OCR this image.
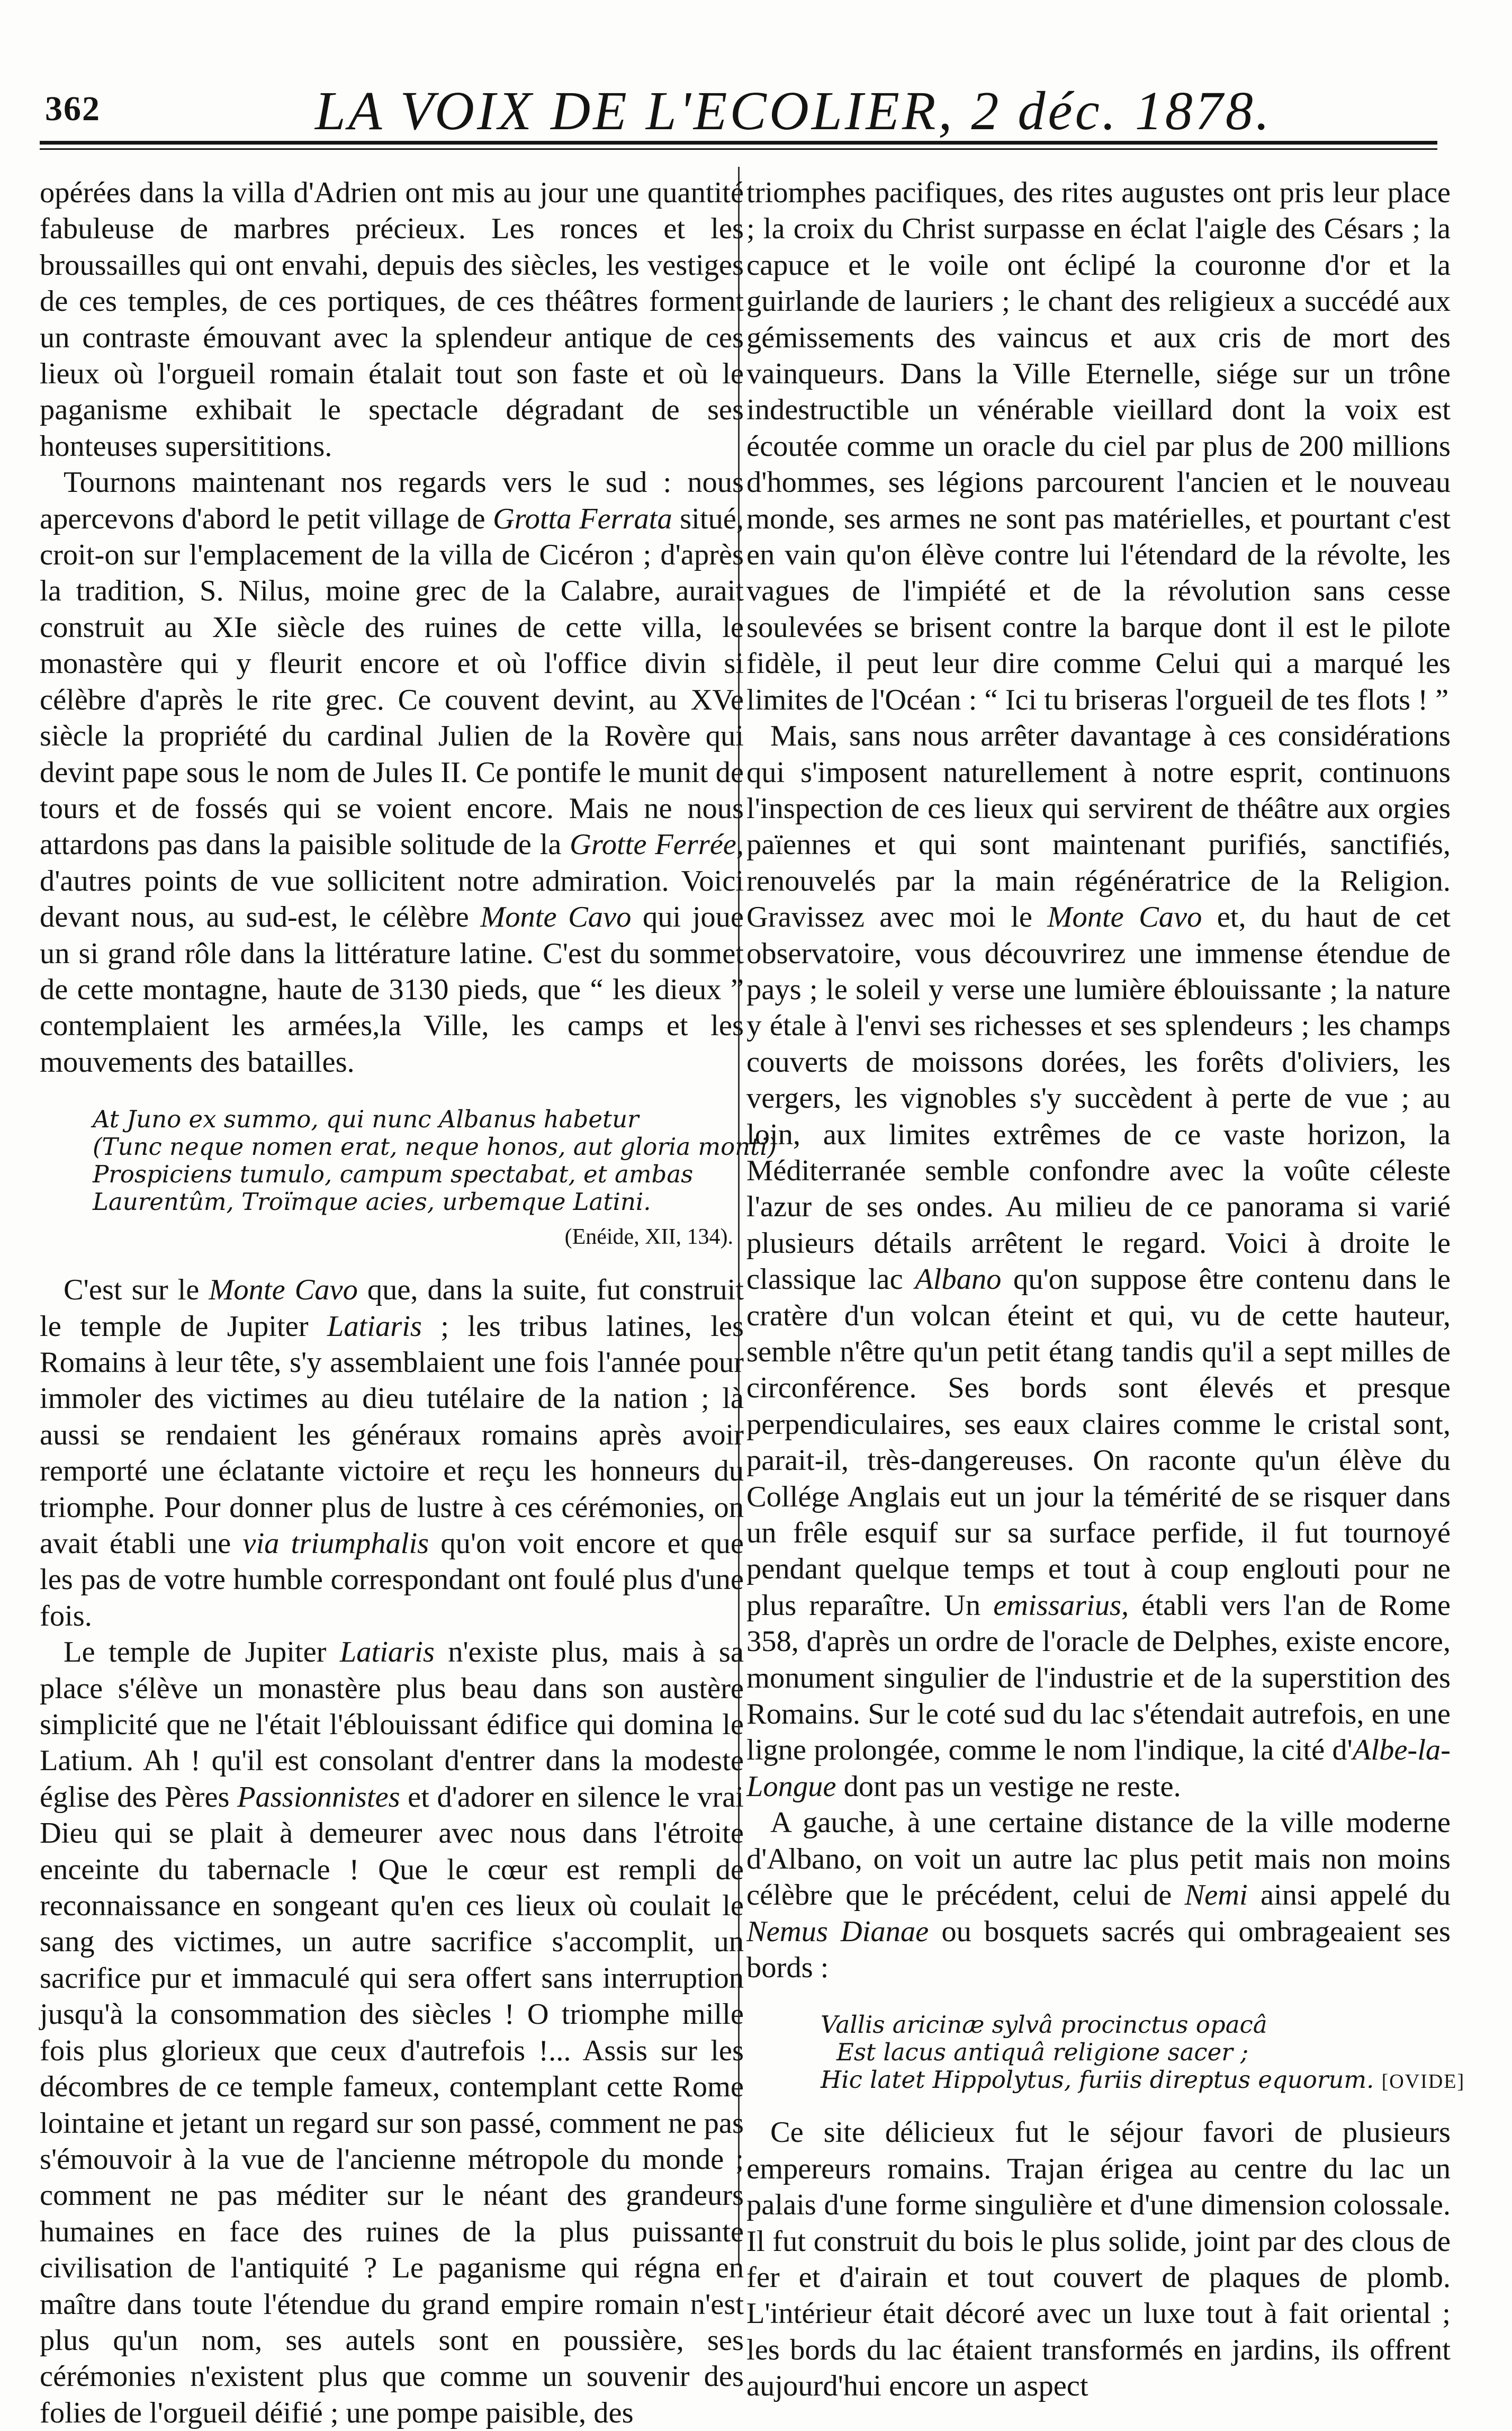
362	LA VOIX DE L'ECOLIER, 2 déc. 1878.

opérées dans la villa d'Adrien ont mis au jour une quantité fabuleuse de marbres précieux. Les ronces et les broussailles qui ont envahi, depuis des siècles, les vestiges de ces temples, de ces portiques, de ces théâtres forment un contraste émouvant avec la splendeur antique de ces lieux où l'orgueil romain étalait tout son faste et où le paganisme exhibait le spectacle dégradant de ses honteuses supersititions.

Tournons maintenant nos regards vers le sud : nous apercevons d'abord le petit village de Grotta Ferrata situé, croit-on sur l'emplacement de la villa de Cicéron ; d'après la tradition, S. Nilus, moine grec de la Calabre, aurait construit au XIe siècle des ruines de cette villa, le monastère qui y fleurit encore et où l'office divin si célèbre d'après le rite grec. Ce couvent devint, au XVe siècle la propriété du cardinal Julien de la Rovère qui devint pape sous le nom de Jules II. Ce pontife le munit de tours et de fossés qui se voient encore. Mais ne nous attardons pas dans la paisible solitude de la Grotte Ferrée, d'autres points de vue sollicitent notre admiration. Voici devant nous, au sud-est, le célèbre Monte Cavo qui joue un si grand rôle dans la littérature latine. C'est du sommet de cette montagne, haute de 3130 pieds, que “ les dieux ” contemplaient les armées,la Ville, les camps et les mouvements des batailles.

At Juno ex summo, qui nunc Albanus habetur
(Tunc neque nomen erat, neque honos, aut gloria monti)
Prospiciens tumulo, campum spectabat, et ambas
Laurentûm, Troïmque acies, urbemque Latini.
(Enéide, XII, 134).

C'est sur le Monte Cavo que, dans la suite, fut construit le temple de Jupiter Latiaris ; les tribus latines, les Romains à leur tête, s'y assemblaient une fois l'année pour immoler des victimes au dieu tutélaire de la nation ; là aussi se rendaient les généraux romains après avoir remporté une éclatante victoire et reçu les honneurs du triomphe. Pour donner plus de lustre à ces cérémonies, on avait établi une via triumphalis qu'on voit encore et que les pas de votre humble correspondant ont foulé plus d'une fois.

Le temple de Jupiter Latiaris n'existe plus, mais à sa place s'élève un monastère plus beau dans son austère simplicité que ne l'était l'éblouissant édifice qui domina le Latium. Ah ! qu'il est consolant d'entrer dans la modeste église des Pères Passionnistes et d'adorer en silence le vrai Dieu qui se plait à demeurer avec nous dans l'étroite enceinte du tabernacle ! Que le cœur est rempli de reconnaissance en songeant qu'en ces lieux où coulait le sang des victimes, un autre sacrifice s'accomplit, un sacrifice pur et immaculé qui sera offert sans interruption jusqu'à la consommation des siècles ! O triomphe mille fois plus glorieux que ceux d'autrefois !... Assis sur les décombres de ce temple fameux, contemplant cette Rome lointaine et jetant un regard sur son passé, comment ne pas s'émouvoir à la vue de l'ancienne métropole du monde ; comment ne pas méditer sur le néant des grandeurs humaines en face des ruines de la plus puissante civilisation de l'antiquité ? Le paganisme qui régna en maître dans toute l'étendue du grand empire romain n'est plus qu'un nom, ses autels sont en poussière, ses cérémonies n'existent plus que comme un souvenir des folies de l'orgueil déifié ; une pompe paisible, des

triomphes pacifiques, des rites augustes ont pris leur place ; la croix du Christ surpasse en éclat l'aigle des Césars ; la capuce et le voile ont éclipé la couronne d'or et la guirlande de lauriers ; le chant des religieux a succédé aux gémissements des vaincus et aux cris de mort des vainqueurs. Dans la Ville Eternelle, siége sur un trône indestructible un vénérable vieillard dont la voix est écoutée comme un oracle du ciel par plus de 200 millions d'hommes, ses légions parcourent l'ancien et le nouveau monde, ses armes ne sont pas matérielles, et pourtant c'est en vain qu'on élève contre lui l'étendard de la révolte, les vagues de l'impiété et de la révolution sans cesse soulevées se brisent contre la barque dont il est le pilote fidèle, il peut leur dire comme Celui qui a marqué les limites de l'Océan : “ Ici tu briseras l'orgueil de tes flots ! ”

Mais, sans nous arrêter davantage à ces considérations qui s'imposent naturellement à notre esprit, continuons l'inspection de ces lieux qui servirent de théâtre aux orgies païennes et qui sont maintenant purifiés, sanctifiés, renouvelés par la main régénératrice de la Religion. Gravissez avec moi le Monte Cavo et, du haut de cet observatoire, vous découvrirez une immense étendue de pays ; le soleil y verse une lumière éblouissante ; la nature y étale à l'envi ses richesses et ses splendeurs ; les champs couverts de moissons dorées, les forêts d'oliviers, les vergers, les vignobles s'y succèdent à perte de vue ; au loin, aux limites extrêmes de ce vaste horizon, la Méditerranée semble confondre avec la voûte céleste l'azur de ses ondes. Au milieu de ce panorama si varié plusieurs détails arrêtent le regard. Voici à droite le classique lac Albano qu'on suppose être contenu dans le cratère d'un volcan éteint et qui, vu de cette hauteur, semble n'être qu'un petit étang tandis qu'il a sept milles de circonférence. Ses bords sont élevés et presque perpendiculaires, ses eaux claires comme le cristal sont, parait-il, très-dangereuses. On raconte qu'un élève du Collége Anglais eut un jour la témérité de se risquer dans un frêle esquif sur sa surface perfide, il fut tournoyé pendant quelque temps et tout à coup englouti pour ne plus reparaître. Un emissarius, établi vers l'an de Rome 358, d'après un ordre de l'oracle de Delphes, existe encore, monument singulier de l'industrie et de la superstition des Romains. Sur le coté sud du lac s'étendait autrefois, en une ligne prolongée, comme le nom l'indique, la cité d'Albe-la-Longue dont pas un vestige ne reste.

A gauche, à une certaine distance de la ville moderne d'Albano, on voit un autre lac plus petit mais non moins célèbre que le précédent, celui de Nemi ainsi appelé du Nemus Dianae ou bosquets sacrés qui ombrageaient ses bords :

Vallis aricinæ sylvâ procinctus opacâ
Est lacus antiquâ religione sacer ;
Hic latet Hippolytus, furiis direptus equorum. [OVIDE]

Ce site délicieux fut le séjour favori de plusieurs empereurs romains. Trajan érigea au centre du lac un palais d'une forme singulière et d'une dimension colossale. Il fut construit du bois le plus solide, joint par des clous de fer et d'airain et tout couvert de plaques de plomb. L'intérieur était décoré avec un luxe tout à fait oriental ; les bords du lac étaient transformés en jardins, ils offrent aujourd'hui encore un aspect
